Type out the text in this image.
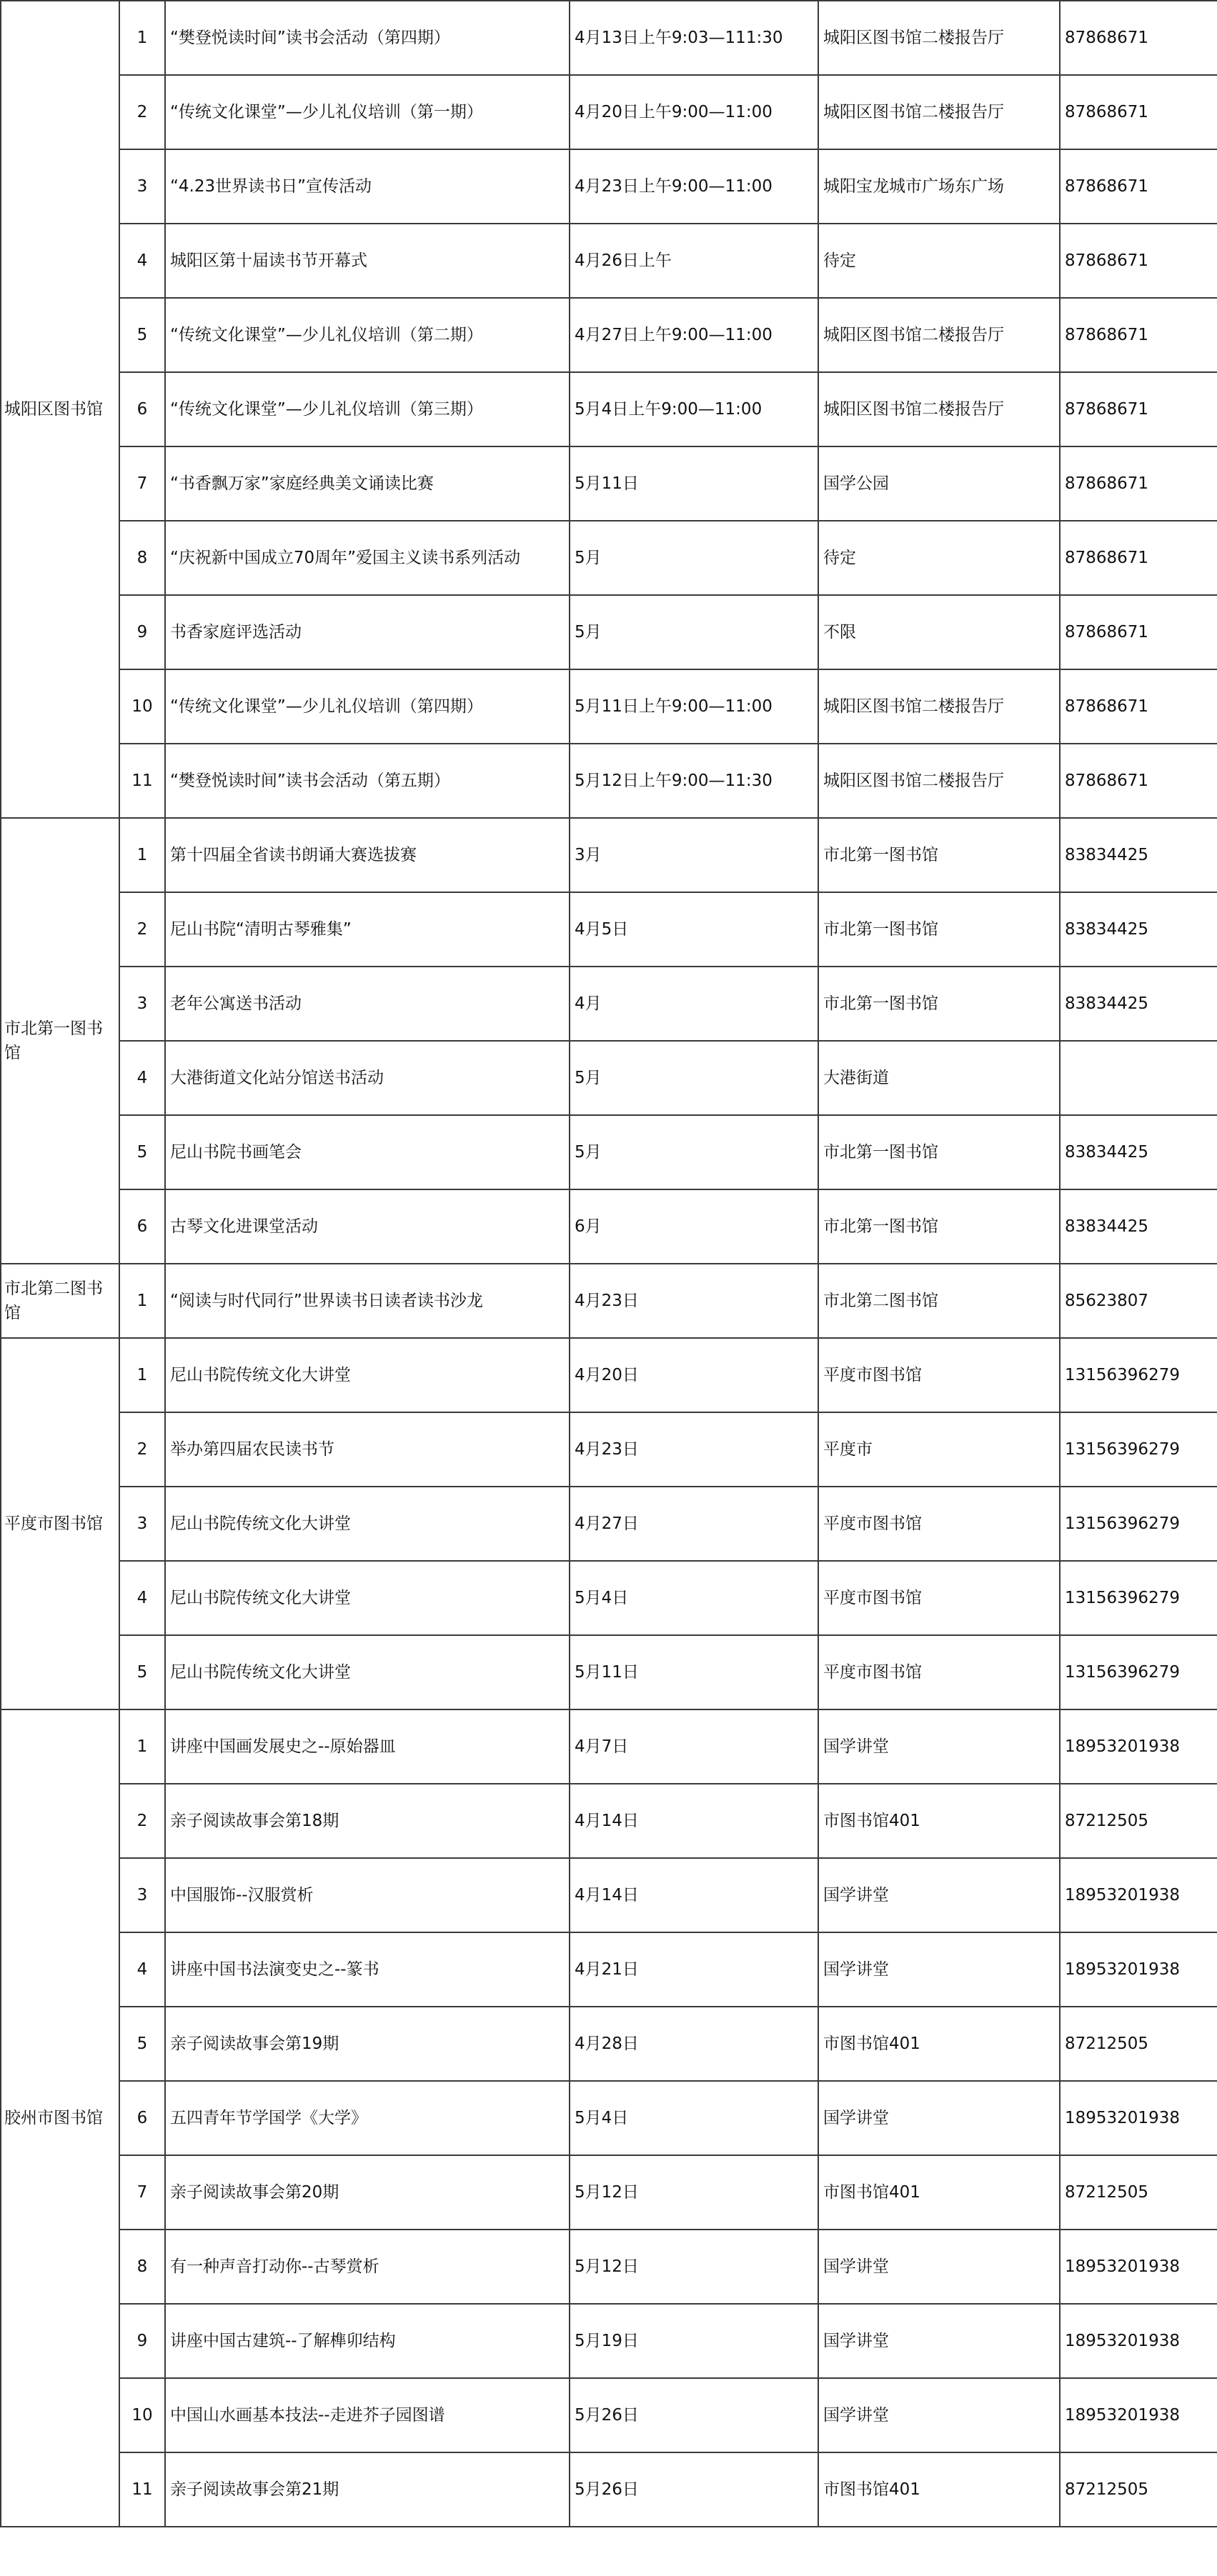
城阳区图书馆	1	“樊登悦读时间”读书会活动（第四期）	4月13日上午9:03—111:30	城阳区图书馆二楼报告厅	87868671
	2	“传统文化课堂”—少儿礼仪培训（第一期）	4月20日上午9:00—11:00	城阳区图书馆二楼报告厅	87868671
	3	“4.23世界读书日”宣传活动	4月23日上午9:00—11:00	城阳宝龙城市广场东广场	87868671
	4	城阳区第十届读书节开幕式	4月26日上午	待定	87868671
	5	“传统文化课堂”—少儿礼仪培训（第二期）	4月27日上午9:00—11:00	城阳区图书馆二楼报告厅	87868671
	6	“传统文化课堂”—少儿礼仪培训（第三期）	5月4日上午9:00—11:00	城阳区图书馆二楼报告厅	87868671
	7	“书香飘万家”家庭经典美文诵读比赛	5月11日	国学公园	87868671
	8	“庆祝新中国成立70周年”爱国主义读书系列活动	5月	待定	87868671
	9	书香家庭评选活动	5月	不限	87868671
	10	“传统文化课堂”—少儿礼仪培训（第四期）	5月11日上午9:00—11:00	城阳区图书馆二楼报告厅	87868671
	11	“樊登悦读时间”读书会活动（第五期）	5月12日上午9:00—11:30	城阳区图书馆二楼报告厅	87868671
市北第一图书馆	1	第十四届全省读书朗诵大赛选拔赛	3月	市北第一图书馆	83834425
	2	尼山书院“清明古琴雅集”	4月5日	市北第一图书馆	83834425
	3	老年公寓送书活动	4月	市北第一图书馆	83834425
	4	大港街道文化站分馆送书活动	5月	大港街道	
	5	尼山书院书画笔会	5月	市北第一图书馆	83834425
	6	古琴文化进课堂活动	6月	市北第一图书馆	83834425
市北第二图书馆	1	“阅读与时代同行”世界读书日读者读书沙龙	4月23日	市北第二图书馆	85623807
平度市图书馆	1	尼山书院传统文化大讲堂	4月20日	平度市图书馆	13156396279
	2	举办第四届农民读书节	4月23日	平度市	13156396279
	3	尼山书院传统文化大讲堂	4月27日	平度市图书馆	13156396279
	4	尼山书院传统文化大讲堂	5月4日	平度市图书馆	13156396279
	5	尼山书院传统文化大讲堂	5月11日	平度市图书馆	13156396279
胶州市图书馆	1	讲座中国画发展史之--原始器皿	4月7日	国学讲堂	18953201938
	2	亲子阅读故事会第18期	4月14日	市图书馆401	87212505
	3	中国服饰--汉服赏析	4月14日	国学讲堂	18953201938
	4	讲座中国书法演变史之--篆书	4月21日	国学讲堂	18953201938
	5	亲子阅读故事会第19期	4月28日	市图书馆401	87212505
	6	五四青年节学国学《大学》	5月4日	国学讲堂	18953201938
	7	亲子阅读故事会第20期	5月12日	市图书馆401	87212505
	8	有一种声音打动你--古琴赏析	5月12日	国学讲堂	18953201938
	9	讲座中国古建筑--了解榫卯结构	5月19日	国学讲堂	18953201938
	10	中国山水画基本技法--走进芥子园图谱	5月26日	国学讲堂	18953201938
	11	亲子阅读故事会第21期	5月26日	市图书馆401	87212505
